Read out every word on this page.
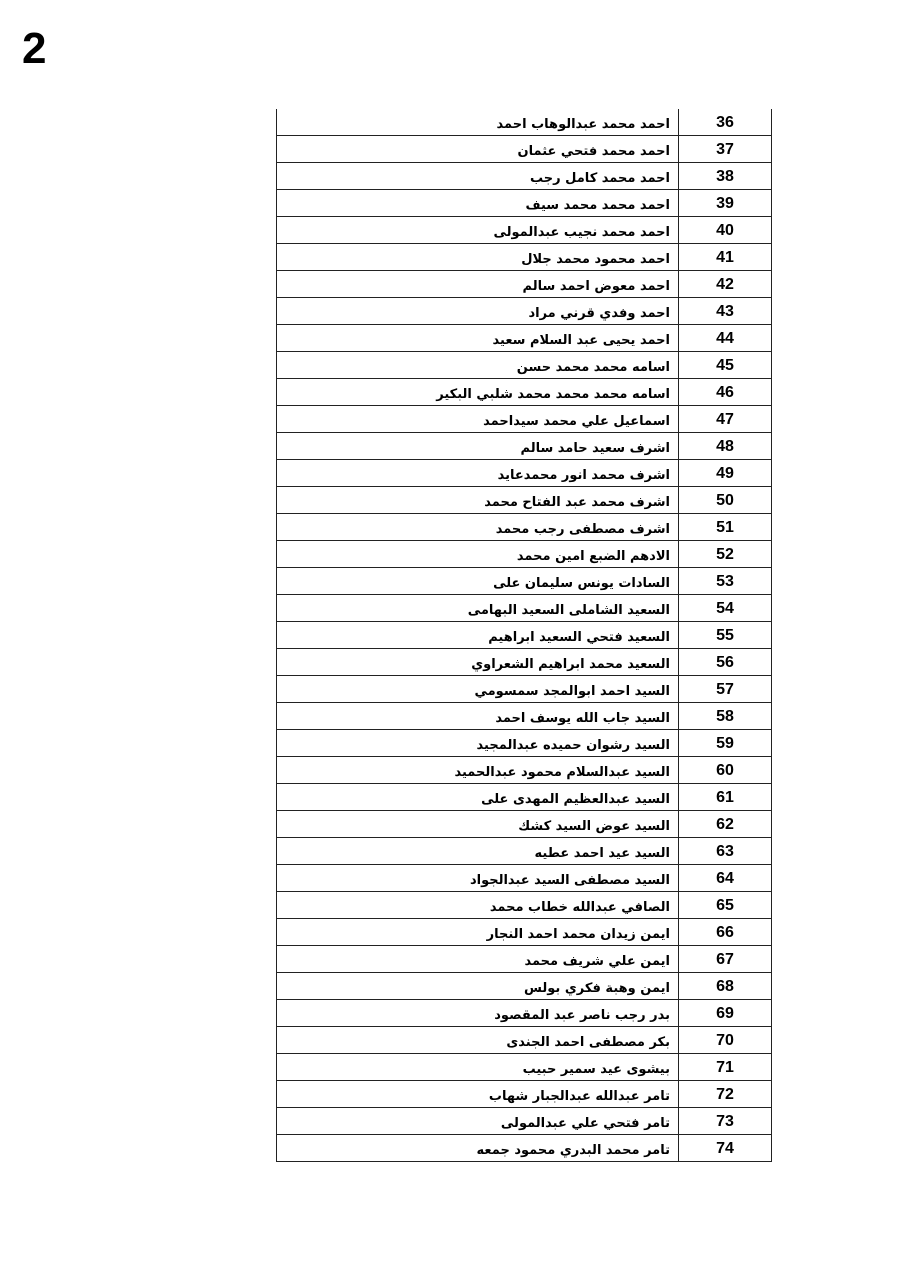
2
احمد محمد عبدالوهاب احمد	36
احمد محمد فتحي عثمان	37
احمد محمد كامل رجب	38
احمد محمد محمد سيف	39
احمد محمد نجيب عبدالمولى	40
احمد محمود محمد جلال	41
احمد معوض احمد سالم	42
احمد وفدي قرني مراد	43
احمد يحيى عبد السلام سعيد	44
اسامه محمد محمد حسن	45
اسامه محمد محمد محمد شلبي البكير	46
اسماعيل علي محمد سيداحمد	47
اشرف سعيد حامد سالم	48
اشرف محمد انور محمدعايد	49
اشرف محمد عبد الفتاح محمد	50
اشرف مصطفى رجب محمد	51
الادهم الضبع امين محمد	52
السادات يونس سليمان على	53
السعيد الشاملى السعيد البهامى	54
السعيد فتحي السعيد ابراهيم	55
السعيد محمد ابراهيم الشعراوي	56
السيد احمد ابوالمجد سمسومي	57
السيد جاب الله يوسف احمد	58
السيد رشوان حميده عبدالمجيد	59
السيد عبدالسلام محمود عبدالحميد	60
السيد عبدالعظيم المهدى على	61
السيد عوض السيد كشك	62
السيد عيد احمد عطيه	63
السيد مصطفى السيد عبدالجواد	64
الصافي عبدالله خطاب محمد	65
ايمن زيدان محمد احمد النجار	66
ايمن علي شريف محمد	67
ايمن وهبة فكري بولس	68
بدر رجب ناصر عبد المقصود	69
بكر مصطفى احمد الجندى	70
بيشوى عيد سمير حبيب	71
تامر عبدالله عبدالجبار شهاب	72
تامر فتحي علي عبدالمولى	73
تامر محمد البدري محمود جمعه	74
